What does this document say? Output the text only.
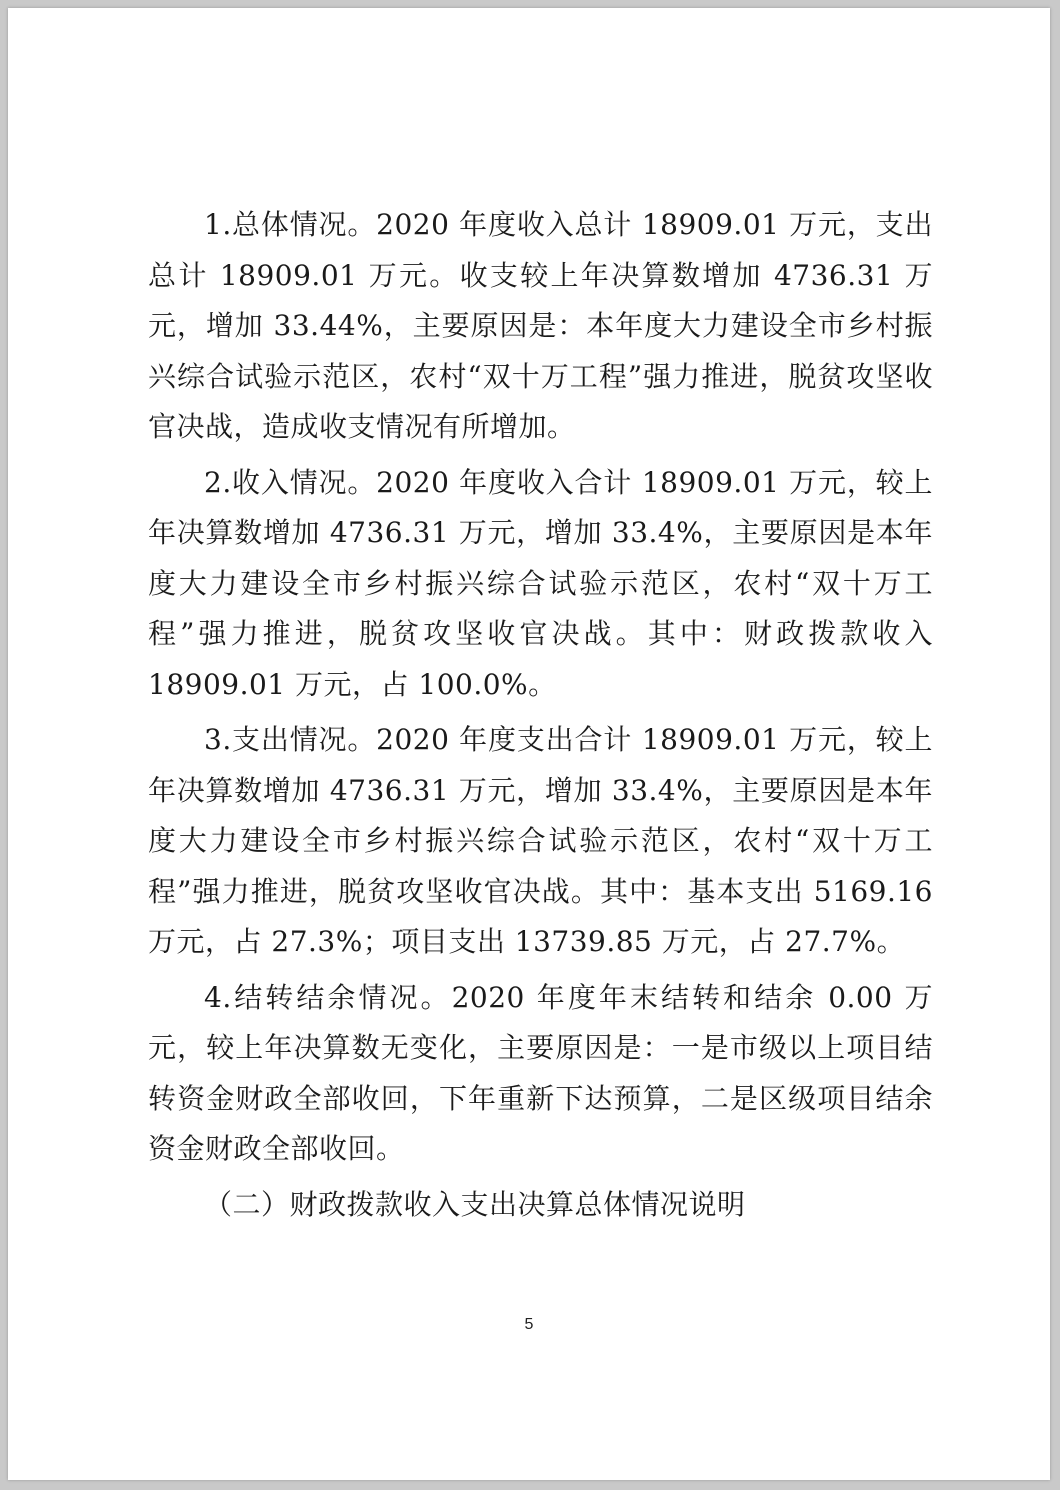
1.总体情况。2020 年度收入总计 18909.01 万元，支出总计 18909.01 万元。收支较上年决算数增加 4736.31 万元，增加 33.44%，主要原因是：本年度大力建设全市乡村振兴综合试验示范区，农村“双十万工程”强力推进，脱贫攻坚收官决战，造成收支情况有所增加。

2.收入情况。2020 年度收入合计 18909.01 万元，较上年决算数增加 4736.31 万元，增加 33.4%，主要原因是本年度大力建设全市乡村振兴综合试验示范区，农村“双十万工程”强力推进，脱贫攻坚收官决战。其中：财政拨款收入 18909.01 万元，占 100.0%。

3.支出情况。2020 年度支出合计 18909.01 万元，较上年决算数增加 4736.31 万元，增加 33.4%，主要原因是本年度大力建设全市乡村振兴综合试验示范区，农村“双十万工程”强力推进，脱贫攻坚收官决战。其中：基本支出 5169.16 万元，占 27.3%；项目支出 13739.85 万元，占 27.7%。

4.结转结余情况。2020 年度年末结转和结余 0.00 万元，较上年决算数无变化，主要原因是：一是市级以上项目结转资金财政全部收回，下年重新下达预算，二是区级项目结余资金财政全部收回。

（二）财政拨款收入支出决算总体情况说明

5
